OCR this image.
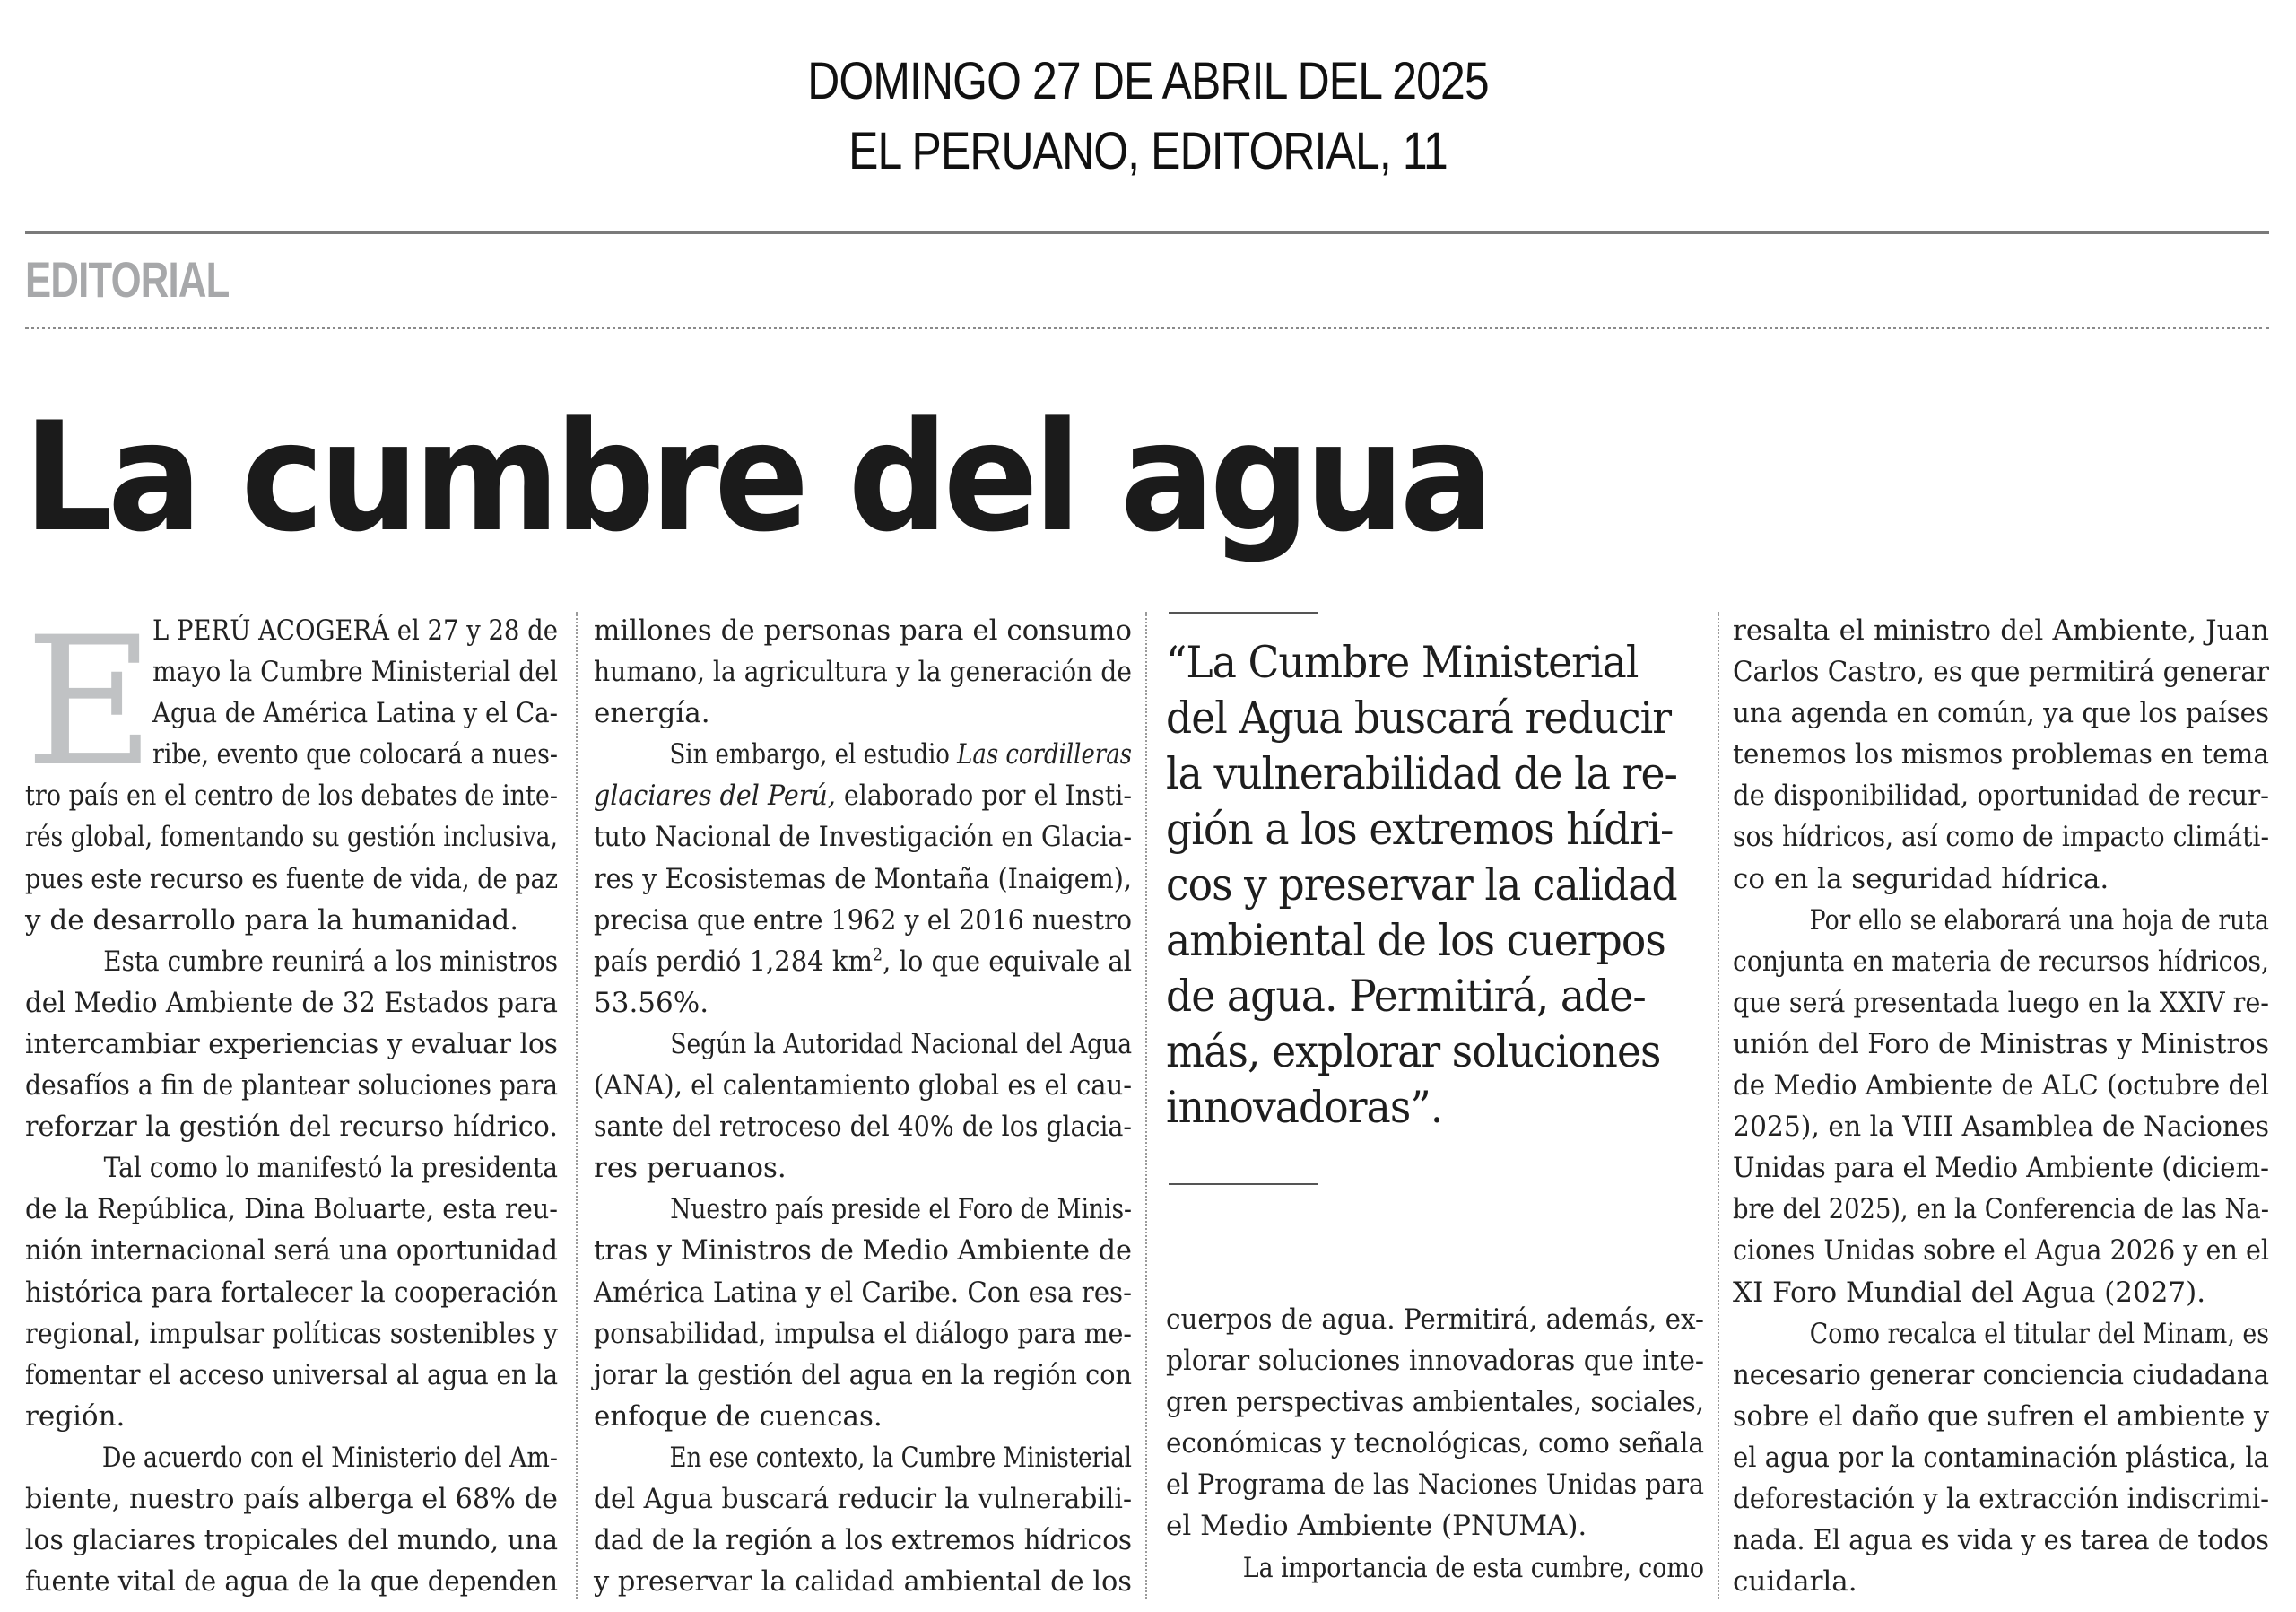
DOMINGO 27 DE ABRIL DEL 2025
EL PERUANO, EDITORIAL, 11
EDITORIAL
La cumbre del agua
E

L PERÚ ACOGERÁ el 27 y 28 de
mayo la Cumbre Ministerial del
Agua de América Latina y el Ca-
ribe, evento que colocará a nues-
tro país en el centro de los debates de inte-
rés global, fomentando su gestión inclusiva,
pues este recurso es fuente de vida, de paz
y de desarrollo para la humanidad.

Esta cumbre reunirá a los ministros
del Medio Ambiente de 32 Estados para
intercambiar experiencias y evaluar los
desafíos a fin de plantear soluciones para
reforzar la gestión del recurso hídrico.

Tal como lo manifestó la presidenta
de la República, Dina Boluarte, esta reu-
nión internacional será una oportunidad
histórica para fortalecer la cooperación
regional, impulsar políticas sostenibles y
fomentar el acceso universal al agua en la
región.

De acuerdo con el Ministerio del Am-
biente, nuestro país alberga el 68% de
los glaciares tropicales del mundo, una
fuente vital de agua de la que dependen

millones de personas para el consumo
humano, la agricultura y la generación de
energía.

Sin embargo, el estudio Las cordilleras
glaciares del Perú, elaborado por el Insti-
tuto Nacional de Investigación en Glacia-
res y Ecosistemas de Montaña (Inaigem),
precisa que entre 1962 y el 2016 nuestro
país perdió 1,284 $km^2$, lo que equivale al
53.56%.

Según la Autoridad Nacional del Agua
(ANA), el calentamiento global es el cau-
sante del retroceso del 40% de los glacia-
res peruanos.

Nuestro país preside el Foro de Minis-
tras y Ministros de Medio Ambiente de
América Latina y el Caribe. Con esa res-
ponsabilidad, impulsa el diálogo para me-
jorar la gestión del agua en la región con
enfoque de cuencas.

En ese contexto, la Cumbre Ministerial
del Agua buscará reducir la vulnerabili-
dad de la región a los extremos hídricos
y preservar la calidad ambiental de los

“La Cumbre Ministerial
del Agua buscará reducir
la vulnerabilidad de la re-
gión a los extremos hídri-
cos y preservar la calidad
ambiental de los cuerpos
de agua. Permitirá, ade-
más, explorar soluciones
innovadoras”.

cuerpos de agua. Permitirá, además, ex-
plorar soluciones innovadoras que inte-
gren perspectivas ambientales, sociales,
económicas y tecnológicas, como señala
el Programa de las Naciones Unidas para
el Medio Ambiente (PNUMA).

La importancia de esta cumbre, como

resalta el ministro del Ambiente, Juan
Carlos Castro, es que permitirá generar
una agenda en común, ya que los países
tenemos los mismos problemas en tema
de disponibilidad, oportunidad de recur-
sos hídricos, así como de impacto climáti-
co en la seguridad hídrica.

Por ello se elaborará una hoja de ruta
conjunta en materia de recursos hídricos,
que será presentada luego en la XXIV re-
unión del Foro de Ministras y Ministros
de Medio Ambiente de ALC (octubre del
2025), en la VIII Asamblea de Naciones
Unidas para el Medio Ambiente (diciem-
bre del 2025), en la Conferencia de las Na-
ciones Unidas sobre el Agua 2026 y en el
XI Foro Mundial del Agua (2027).

Como recalca el titular del Minam, es
necesario generar conciencia ciudadana
sobre el daño que sufren el ambiente y
el agua por la contaminación plástica, la
deforestación y la extracción indiscrimi-
nada. El agua es vida y es tarea de todos
cuidarla.
